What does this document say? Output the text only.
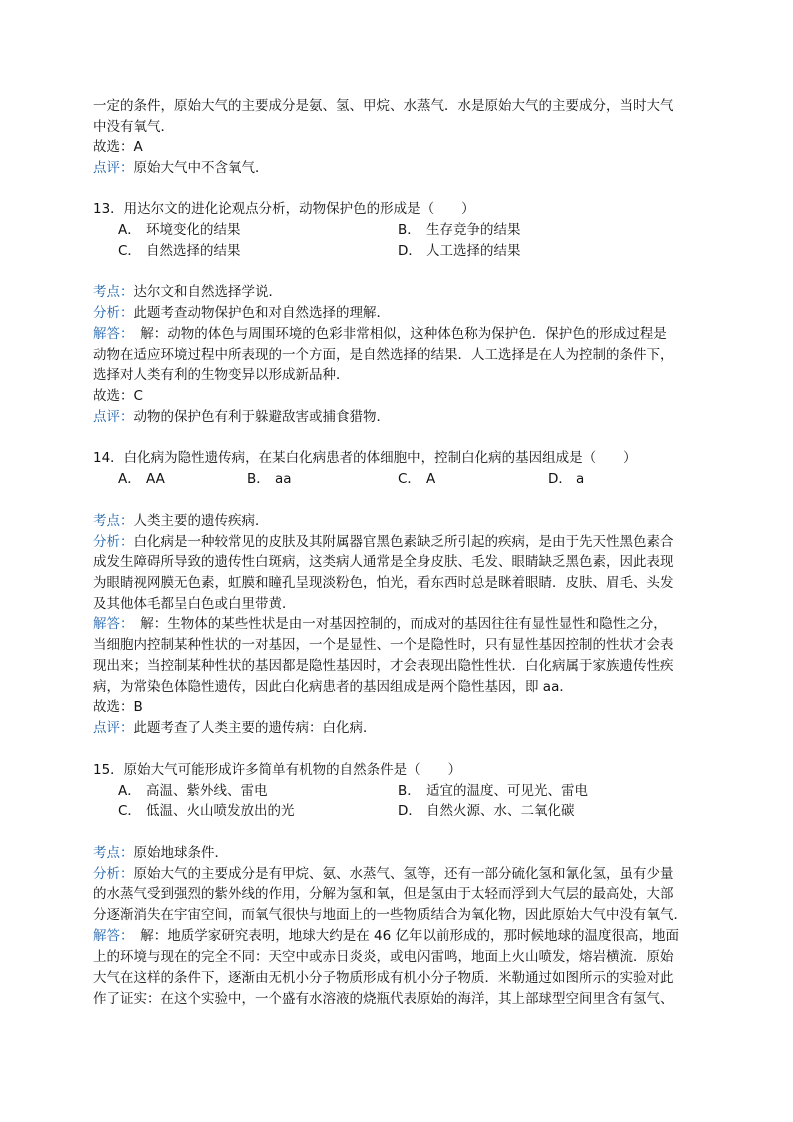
一定的条件，原始大气的主要成分是氨、氢、甲烷、水蒸气．水是原始大气的主要成分，当时大气
中没有氧气．
故选：A
点评：原始大气中不含氧气．
13．用达尔文的进化论观点分析，动物保护色的形成是（　　）
A． 环境变化的结果	B． 生存竞争的结果
C． 自然选择的结果	D． 人工选择的结果
考点：达尔文和自然选择学说．
分析：此题考查动物保护色和对自然选择的理解．
解答：　解：动物的体色与周围环境的色彩非常相似，这种体色称为保护色．保护色的形成过程是
动物在适应环境过程中所表现的一个方面，是自然选择的结果．人工选择是在人为控制的条件下，
选择对人类有利的生物变异以形成新品种．
故选：C
点评：动物的保护色有利于躲避敌害或捕食猎物．
14．白化病为隐性遗传病，在某白化病患者的体细胞中，控制白化病的基因组成是（　　）
A． AA	B． aa	C． A	D． a
考点：人类主要的遗传疾病．
分析：白化病是一种较常见的皮肤及其附属器官黑色素缺乏所引起的疾病，是由于先天性黑色素合
成发生障碍所导致的遗传性白斑病，这类病人通常是全身皮肤、毛发、眼睛缺乏黑色素，因此表现
为眼睛视网膜无色素，虹膜和瞳孔呈现淡粉色，怕光，看东西时总是眯着眼睛．皮肤、眉毛、头发
及其他体毛都呈白色或白里带黄．
解答：　解：生物体的某些性状是由一对基因控制的，而成对的基因往往有显性显性和隐性之分，
当细胞内控制某种性状的一对基因，一个是显性、一个是隐性时，只有显性基因控制的性状才会表
现出来；当控制某种性状的基因都是隐性基因时，才会表现出隐性性状．白化病属于家族遗传性疾
病，为常染色体隐性遗传，因此白化病患者的基因组成是两个隐性基因，即 aa．
故选：B
点评：此题考查了人类主要的遗传病：白化病．
15．原始大气可能形成许多简单有机物的自然条件是（　　）
A． 高温、紫外线、雷电	B． 适宜的温度、可见光、雷电
C． 低温、火山喷发放出的光	D． 自然火源、水、二氧化碳
考点：原始地球条件．
分析：原始大气的主要成分是有甲烷、氨、水蒸气、氢等，还有一部分硫化氢和氰化氢，虽有少量
的水蒸气受到强烈的紫外线的作用，分解为氢和氧，但是氢由于太轻而浮到大气层的最高处，大部
分逐渐消失在宇宙空间，而氧气很快与地面上的一些物质结合为氧化物，因此原始大气中没有氧气．
解答：　解：地质学家研究表明，地球大约是在 46 亿年以前形成的，那时候地球的温度很高，地面
上的环境与现在的完全不同：天空中或赤日炎炎，或电闪雷鸣，地面上火山喷发，熔岩横流．原始
大气在这样的条件下，逐渐由无机小分子物质形成有机小分子物质．米勒通过如图所示的实验对此
作了证实：在这个实验中，一个盛有水溶液的烧瓶代表原始的海洋，其上部球型空间里含有氢气、
